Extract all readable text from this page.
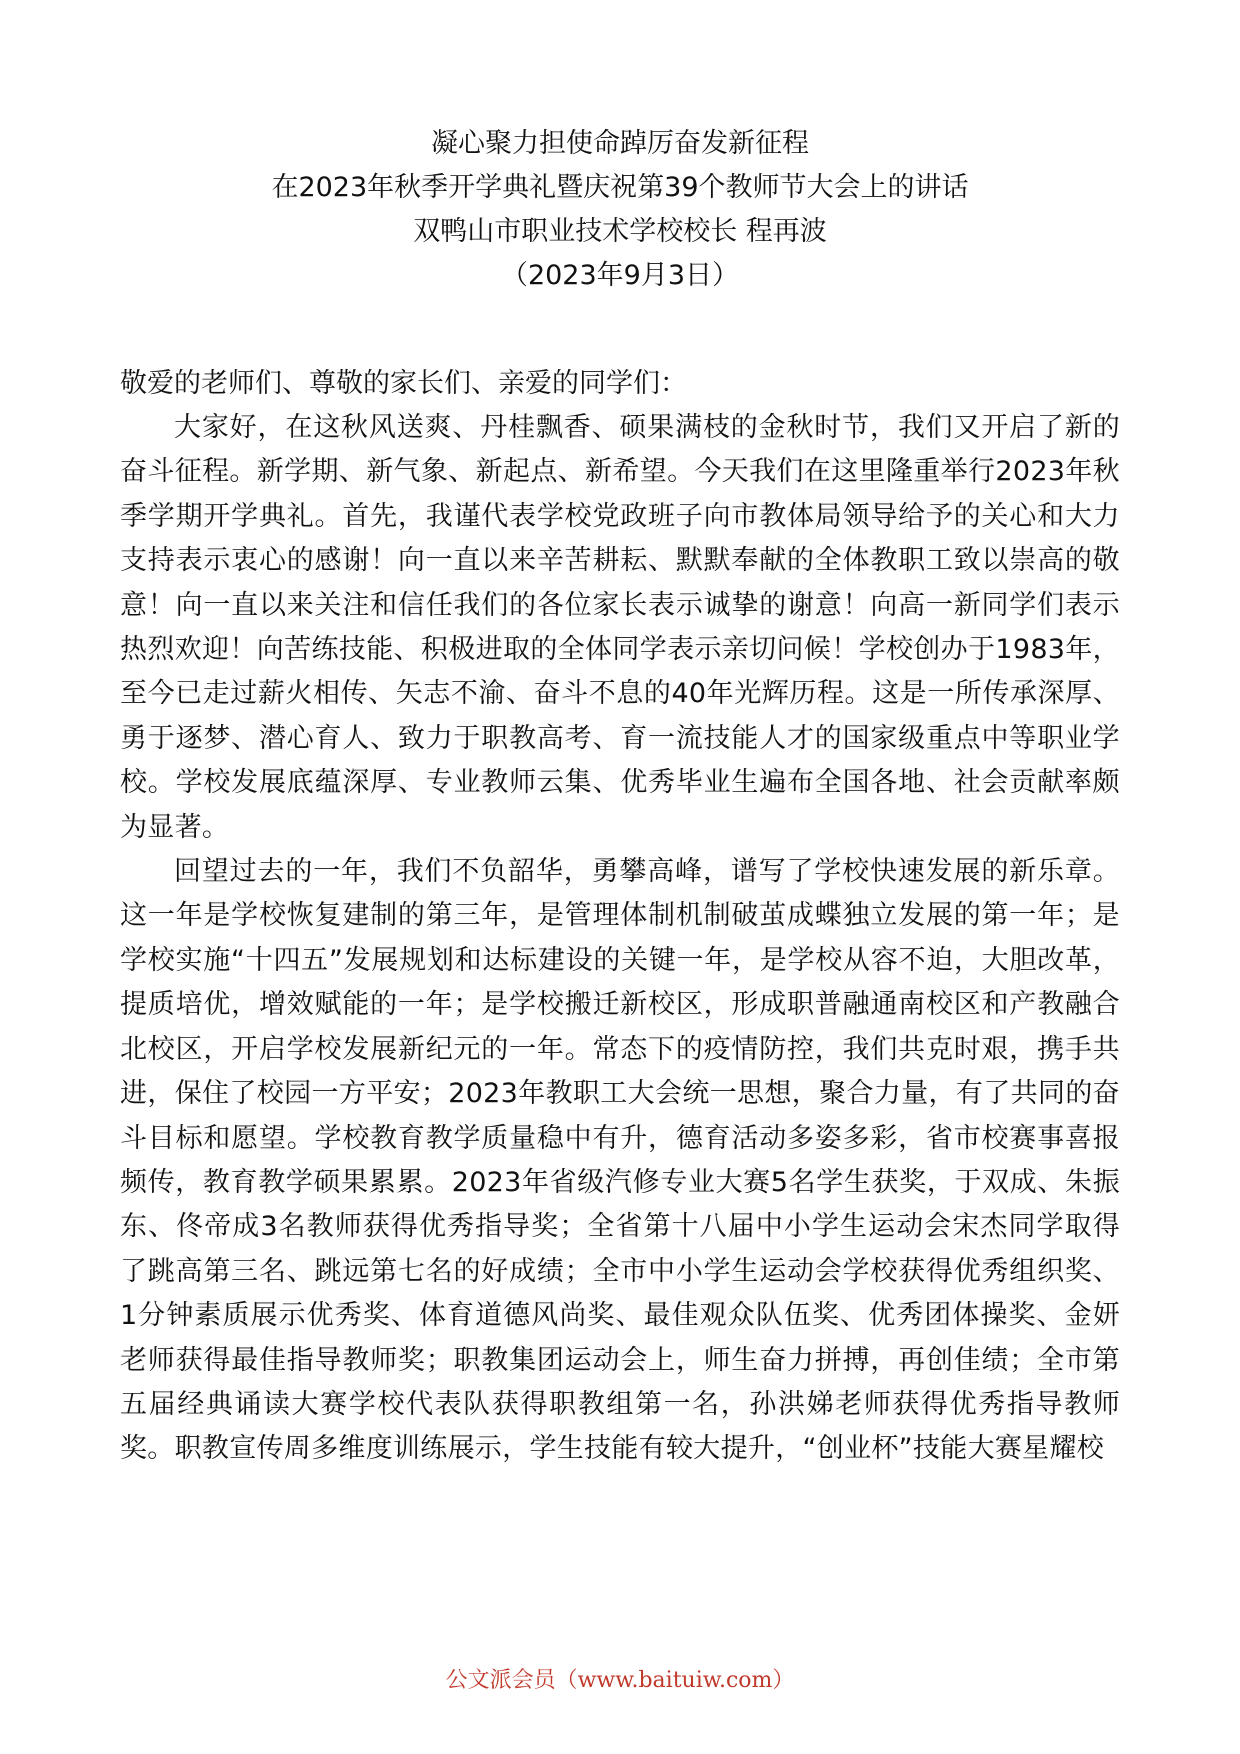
凝心聚力担使命踔厉奋发新征程
在2023年秋季开学典礼暨庆祝第39个教师节大会上的讲话
双鸭山市职业技术学校校长 程再波
（2023年9月3日）

敬爱的老师们、尊敬的家长们、亲爱的同学们：

大家好，在这秋风送爽、丹桂飘香、硕果满枝的金秋时节，我们又开启了新的奋斗征程。新学期、新气象、新起点、新希望。今天我们在这里隆重举行2023年秋季学期开学典礼。首先，我谨代表学校党政班子向市教体局领导给予的关心和大力支持表示衷心的感谢！向一直以来辛苦耕耘、默默奉献的全体教职工致以崇高的敬意！向一直以来关注和信任我们的各位家长表示诚挚的谢意！向高一新同学们表示热烈欢迎！向苦练技能、积极进取的全体同学表示亲切问候！学校创办于1983年，至今已走过薪火相传、矢志不渝、奋斗不息的40年光辉历程。这是一所传承深厚、勇于逐梦、潜心育人、致力于职教高考、育一流技能人才的国家级重点中等职业学校。学校发展底蕴深厚、专业教师云集、优秀毕业生遍布全国各地、社会贡献率颇为显著。

回望过去的一年，我们不负韶华，勇攀高峰，谱写了学校快速发展的新乐章。这一年是学校恢复建制的第三年，是管理体制机制破茧成蝶独立发展的第一年；是学校实施“十四五”发展规划和达标建设的关键一年，是学校从容不迫，大胆改革，提质培优，增效赋能的一年；是学校搬迁新校区，形成职普融通南校区和产教融合北校区，开启学校发展新纪元的一年。常态下的疫情防控，我们共克时艰，携手共进，保住了校园一方平安；2023年教职工大会统一思想，聚合力量，有了共同的奋斗目标和愿望。学校教育教学质量稳中有升，德育活动多姿多彩，省市校赛事喜报频传，教育教学硕果累累。2023年省级汽修专业大赛5名学生获奖，于双成、朱振东、佟帝成3名教师获得优秀指导奖；全省第十八届中小学生运动会宋杰同学取得了跳高第三名、跳远第七名的好成绩；全市中小学生运动会学校获得优秀组织奖、1分钟素质展示优秀奖、体育道德风尚奖、最佳观众队伍奖、优秀团体操奖、金妍老师获得最佳指导教师奖；职教集团运动会上，师生奋力拼搏，再创佳绩；全市第五届经典诵读大赛学校代表队获得职教组第一名，孙洪娣老师获得优秀指导教师奖。职教宣传周多维度训练展示，学生技能有较大提升，“创业杯”技能大赛星耀校

公文派会员（www.baituiw.com）
